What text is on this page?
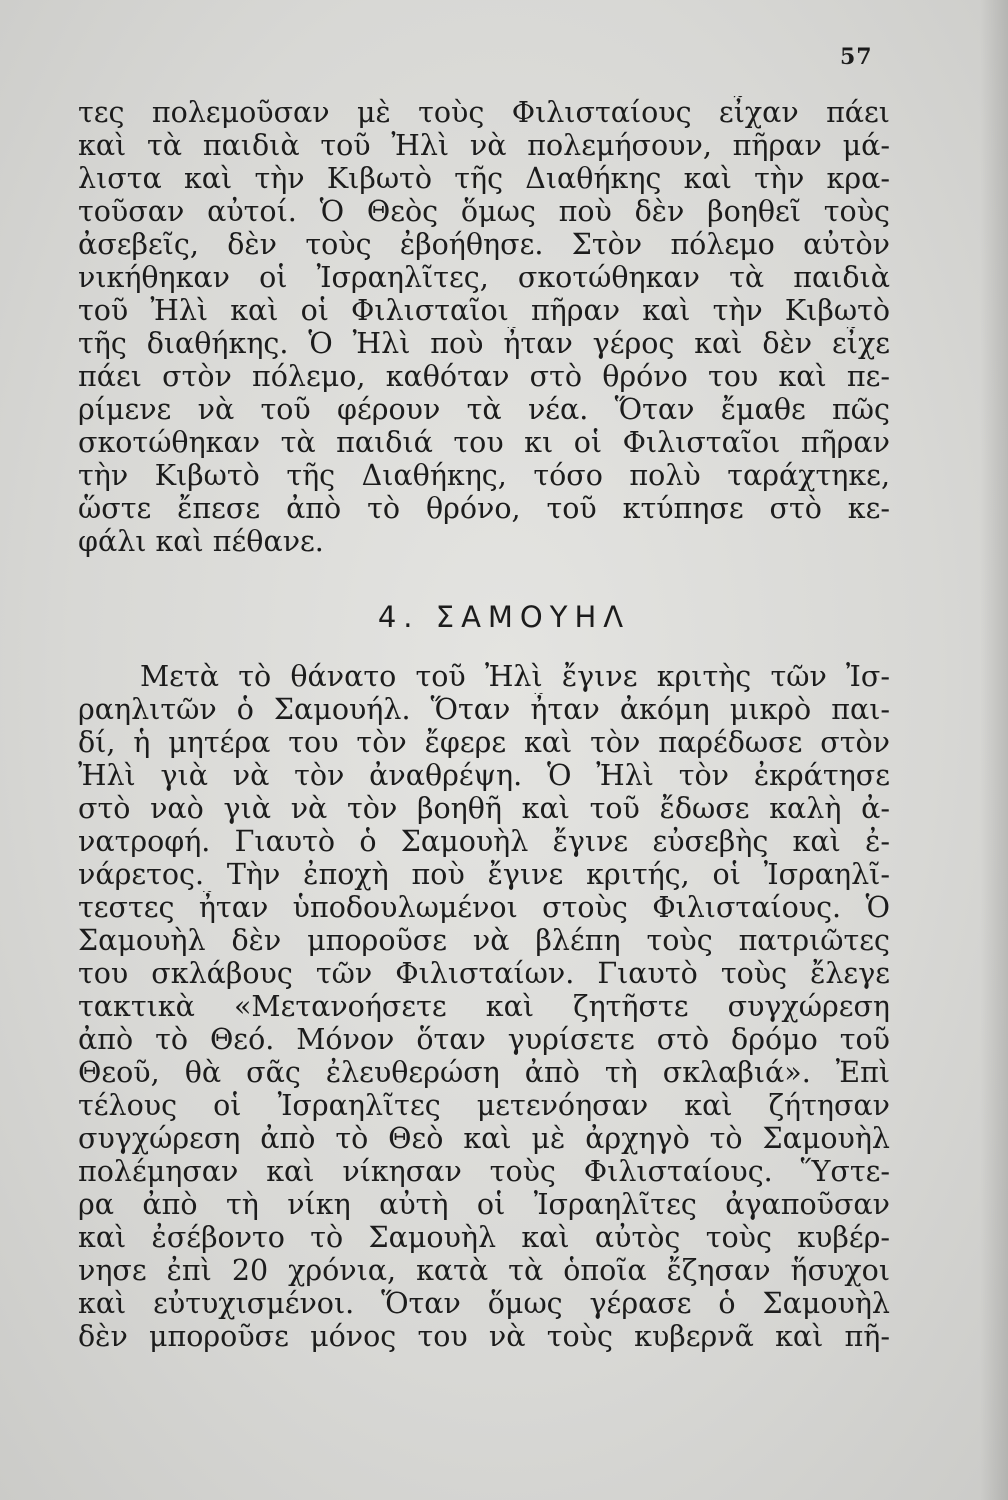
57
τες πολεμοῦσαν μὲ τοὺς Φιλισταίους εἶχαν πάει
καὶ τὰ παιδιὰ τοῦ Ἠλὶ νὰ πολεμήσουν, πῆραν μά-
λιστα καὶ τὴν Κιβωτὸ τῆς Διαθήκης καὶ τὴν κρα-
τοῦσαν αὐτοί. Ὁ Θεὸς ὅμως ποὺ δὲν βοηθεῖ τοὺς
ἀσεβεῖς, δὲν τοὺς ἐβοήθησε. Στὸν πόλεμο αὐτὸν
νικήθηκαν οἱ Ἰσραηλῖτες, σκοτώθηκαν τὰ παιδιὰ
τοῦ Ἠλὶ καὶ οἱ Φιλισταῖοι πῆραν καὶ τὴν Κιβωτὸ
τῆς διαθήκης. Ὁ Ἠλὶ ποὺ ἦταν γέρος καὶ δὲν εἶχε
πάει στὸν πόλεμο, καθόταν στὸ θρόνο του καὶ πε-
ρίμενε νὰ τοῦ φέρουν τὰ νέα. Ὅταν ἔμαθε πῶς
σκοτώθηκαν τὰ παιδιά του κι οἱ Φιλισταῖοι πῆραν
τὴν Κιβωτὸ τῆς Διαθήκης, τόσο πολὺ ταράχτηκε,
ὥστε ἔπεσε ἀπὸ τὸ θρόνο, τοῦ κτύπησε στὸ κε-
φάλι καὶ πέθανε.
4. ΣΑΜΟΥΗΛ
Μετὰ τὸ θάνατο τοῦ Ἠλὶ ἔγινε κριτὴς τῶν Ἰσ-
ραηλιτῶν ὁ Σαμουήλ. Ὅταν ἦταν ἀκόμη μικρὸ παι-
δί, ἡ μητέρα του τὸν ἔφερε καὶ τὸν παρέδωσε στὸν
Ἠλὶ γιὰ νὰ τὸν ἀναθρέψη. Ὁ Ἠλὶ τὸν ἐκράτησε
στὸ ναὸ γιὰ νὰ τὸν βοηθῆ καὶ τοῦ ἔδωσε καλὴ ἀ-
νατροφή. Γιαυτὸ ὁ Σαμουὴλ ἔγινε εὐσεβὴς καὶ ἐ-
νάρετος. Τὴν ἐποχὴ ποὺ ἔγινε κριτής, οἱ Ἰσραηλῖ-
τεστες ἦταν ὑποδουλωμένοι στοὺς Φιλισταίους. Ὁ
Σαμουὴλ δὲν μποροῦσε νὰ βλέπη τοὺς πατριῶτες
του σκλάβους τῶν Φιλισταίων. Γιαυτὸ τοὺς ἔλεγε
τακτικὰ «Μετανοήσετε καὶ ζητῆστε συγχώρεση
ἀπὸ τὸ Θεό. Μόνον ὅταν γυρίσετε στὸ δρόμο τοῦ
Θεοῦ, θὰ σᾶς ἐλευθερώση ἀπὸ τὴ σκλαβιά». Ἐπὶ
τέλους οἱ Ἰσραηλῖτες μετενόησαν καὶ ζήτησαν
συγχώρεση ἀπὸ τὸ Θεὸ καὶ μὲ ἀρχηγὸ τὸ Σαμουὴλ
πολέμησαν καὶ νίκησαν τοὺς Φιλισταίους. Ὕστε-
ρα ἀπὸ τὴ νίκη αὐτὴ οἱ Ἰσραηλῖτες ἀγαποῦσαν
καὶ ἐσέβοντο τὸ Σαμουὴλ καὶ αὐτὸς τοὺς κυβέρ-
νησε ἐπὶ 20 χρόνια, κατὰ τὰ ὁποῖα ἔζησαν ἥσυχοι
καὶ εὐτυχισμένοι. Ὅταν ὅμως γέρασε ὁ Σαμουὴλ
δὲν μποροῦσε μόνος του νὰ τοὺς κυβερνᾶ καὶ πῆ-
